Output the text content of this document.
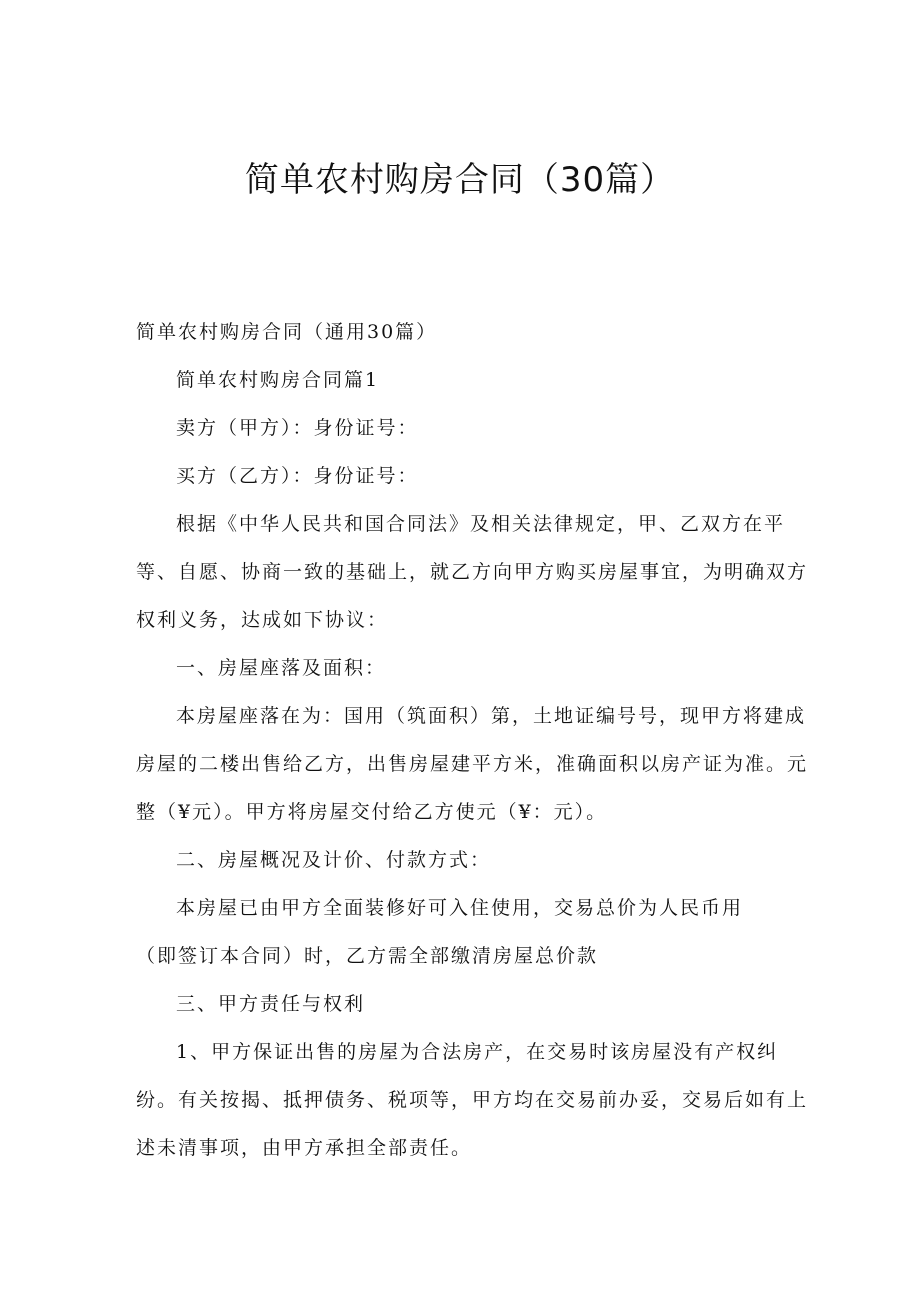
简单农村购房合同（30篇）

简单农村购房合同（通用30篇）

简单农村购房合同篇1

卖方（甲方）：身份证号：

买方（乙方）：身份证号：

根据《中华人民共和国合同法》及相关法律规定，甲、乙双方在平等、自愿、协商一致的基础上，就乙方向甲方购买房屋事宜，为明确双方权利义务，达成如下协议：

一、房屋座落及面积：

本房屋座落在为：国用（筑面积）第，土地证编号号，现甲方将建成房屋的二楼出售给乙方，出售房屋建平方米，准确面积以房产证为准。元整（¥元）。甲方将房屋交付给乙方使元（¥：元）。

二、房屋概况及计价、付款方式：

本房屋已由甲方全面装修好可入住使用，交易总价为人民币用

（即签订本合同）时，乙方需全部缴清房屋总价款

三、甲方责任与权利

1、甲方保证出售的房屋为合法房产，在交易时该房屋没有产权纠纷。有关按揭、抵押债务、税项等，甲方均在交易前办妥，交易后如有上述未清事项，由甲方承担全部责任。
